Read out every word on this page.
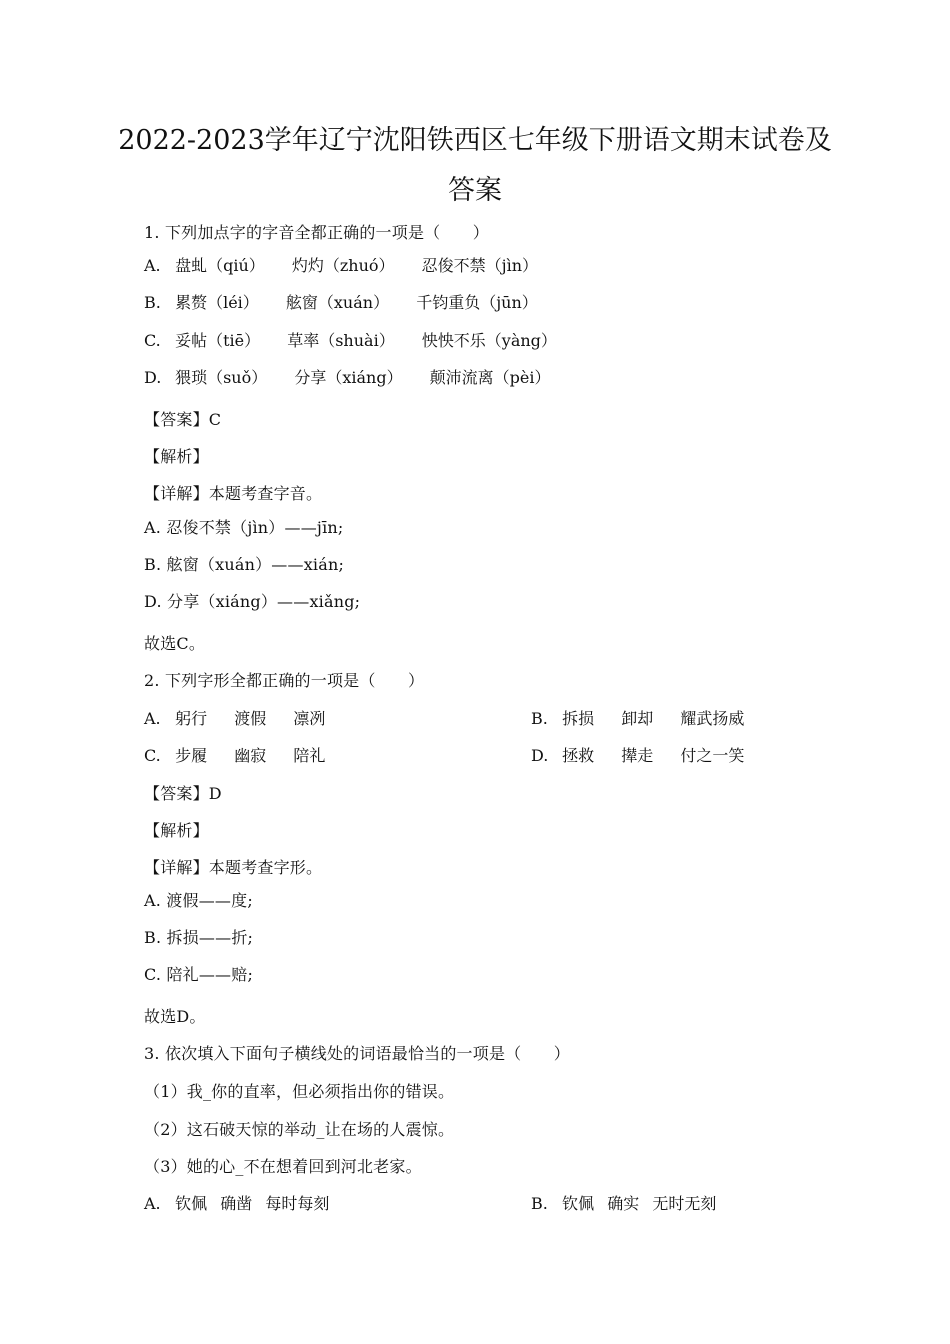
2022-2023学年辽宁沈阳铁西区七年级下册语文期末试卷及
答案
1. 下列加点字的字音全都正确的一项是（　　）
A. 盘虬（qiú） 灼灼（zhuó） 忍俊不禁（jìn）
B. 累赘（léi） 舷窗（xuán） 千钧重负（jūn）
C. 妥帖（tiē） 草率（shuài） 怏怏不乐（yàng）
D. 猥琐（suǒ） 分享（xiáng） 颠沛流离（pèi）
【答案】C
【解析】
【详解】本题考查字音。
A. 忍俊不禁（jìn）——jīn;
B. 舷窗（xuán）——xián;
D. 分享（xiáng）——xiǎng;
故选C。
2. 下列字形全都正确的一项是（　　）
A. 躬行 渡假 凛冽	B. 拆损 卸却 耀武扬威
C. 步履 幽寂 陪礼	D. 拯救 撵走 付之一笑
【答案】D
【解析】
【详解】本题考查字形。
A. 渡假——度;
B. 拆损——折;
C. 陪礼——赔;
故选D。
3. 依次填入下面句子横线处的词语最恰当的一项是（　　）
（1）我_你的直率，但必须指出你的错误。
（2）这石破天惊的举动_让在场的人震惊。
（3）她的心_不在想着回到河北老家。
A. 钦佩 确凿 每时每刻	B. 钦佩 确实 无时无刻
